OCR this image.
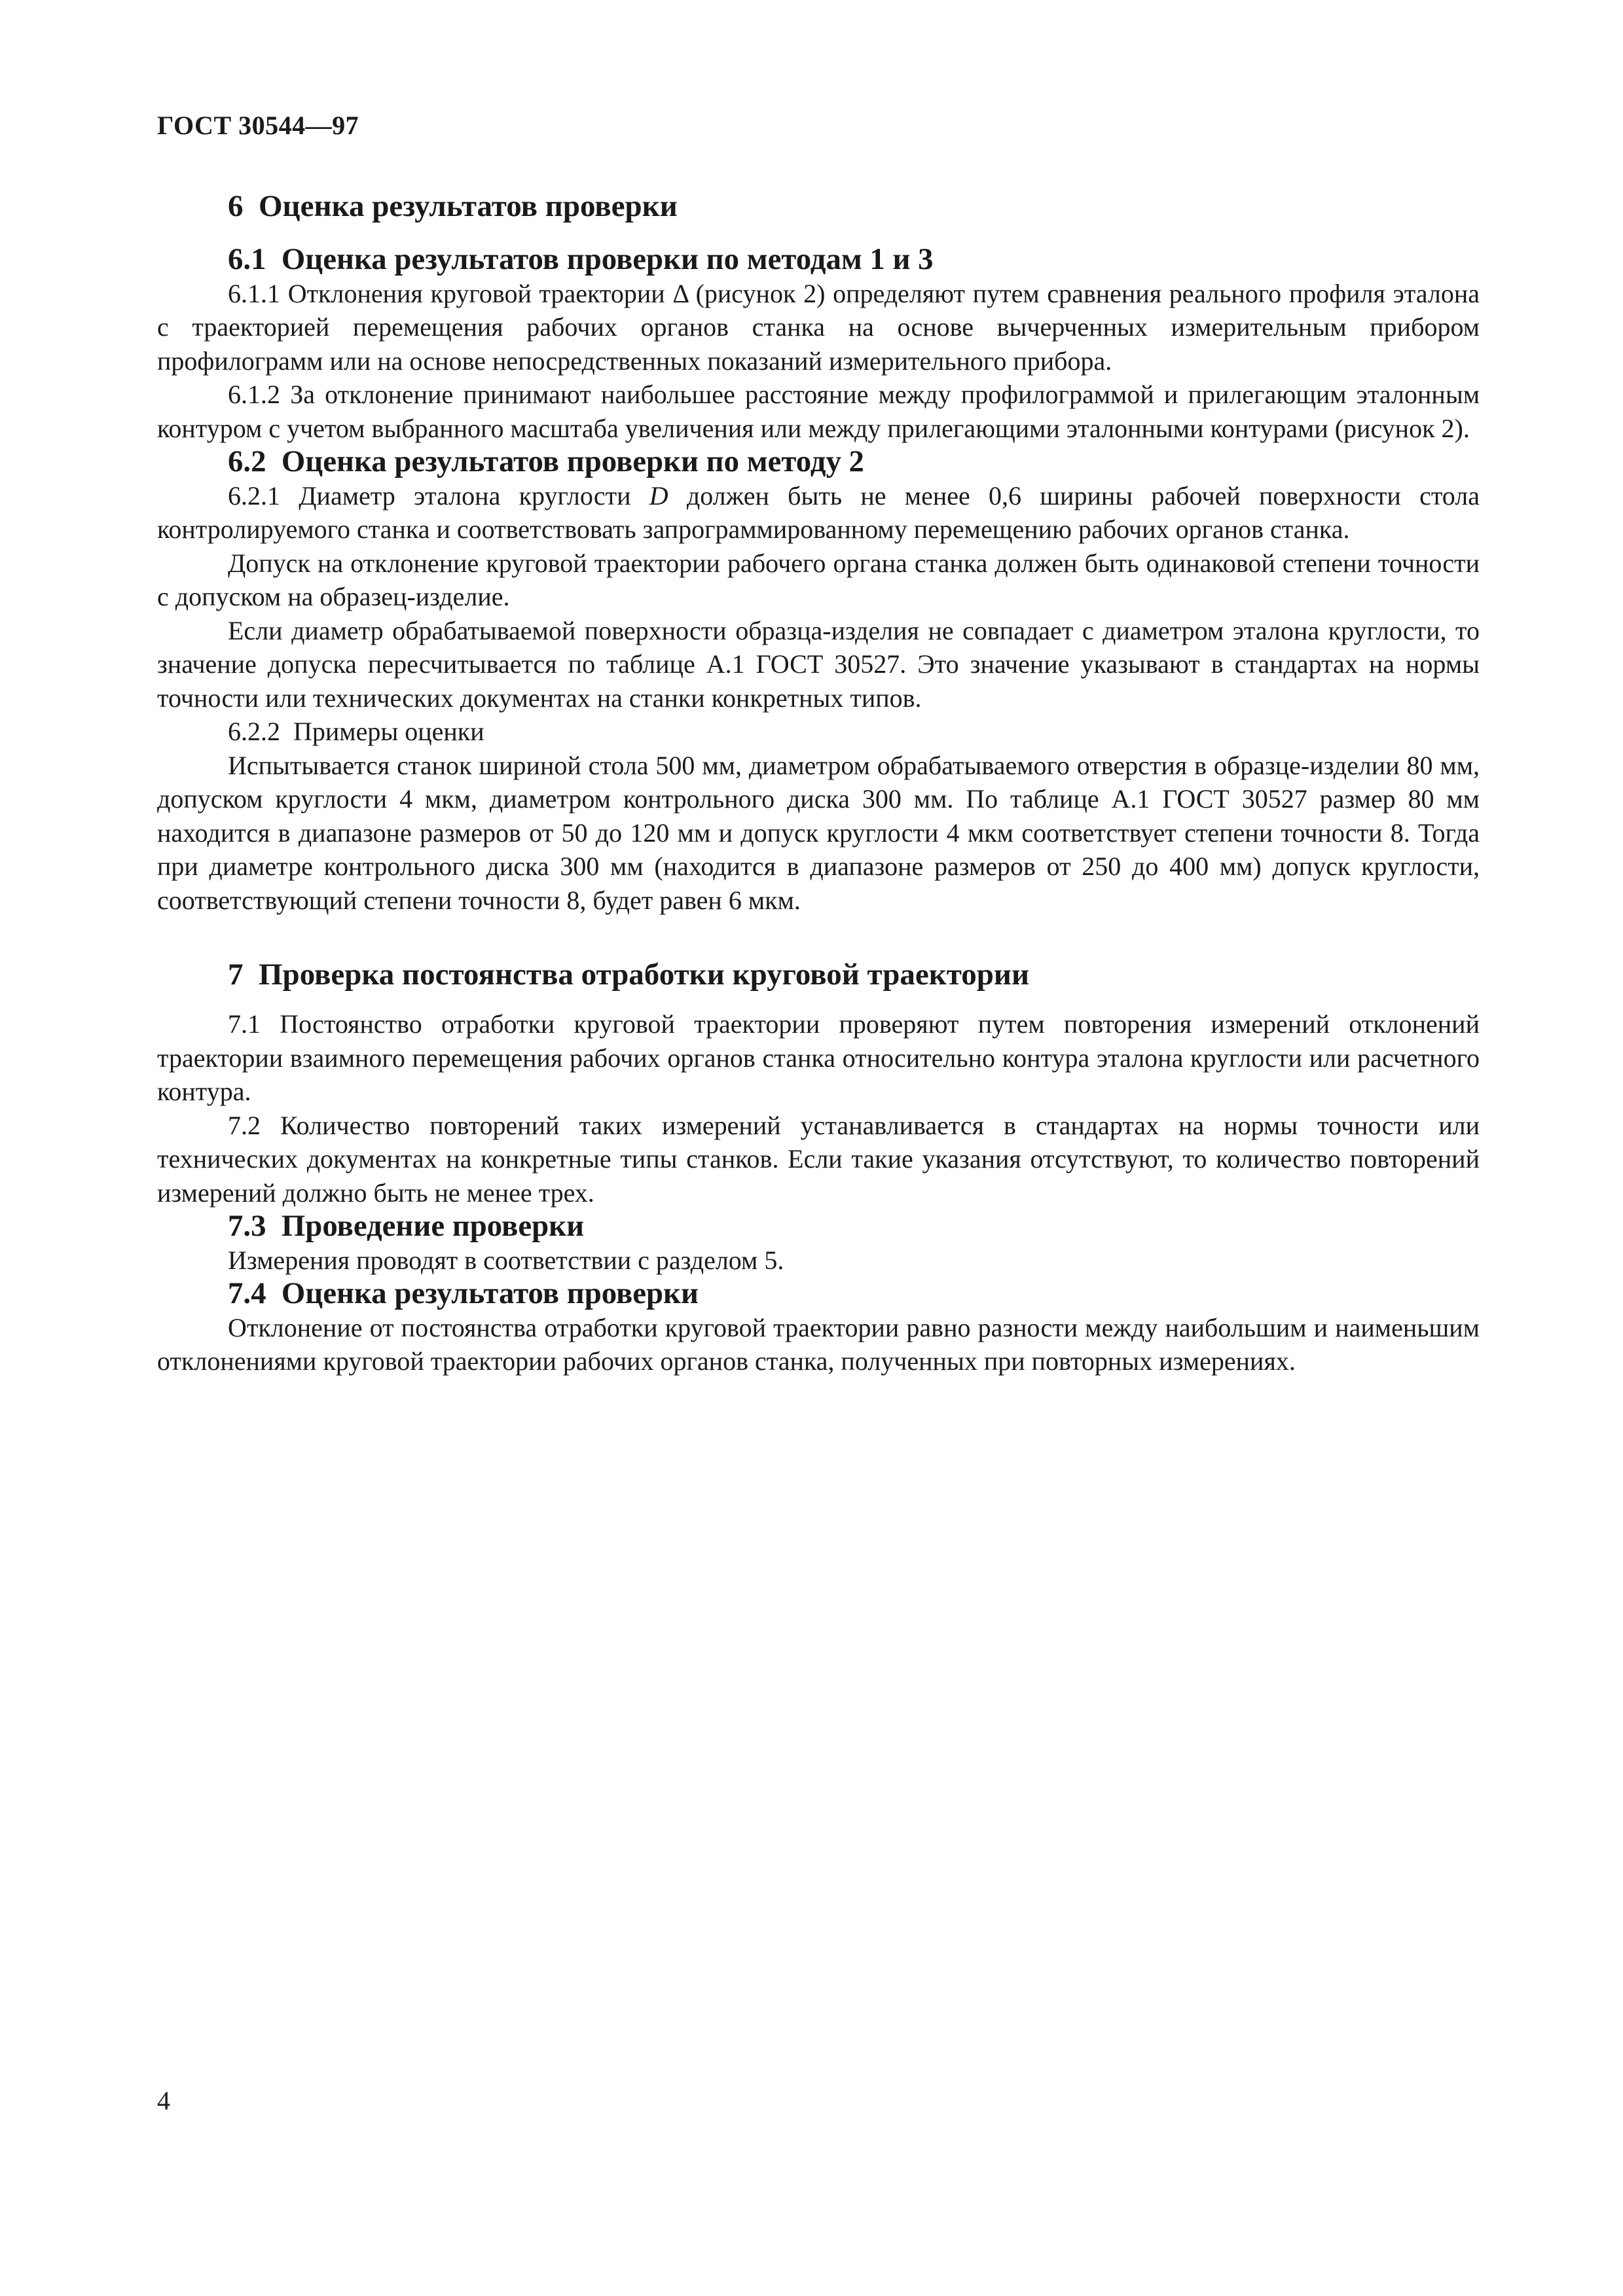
ГОСТ 30544—97
6  Оценка результатов проверки
6.1  Оценка результатов проверки по методам 1 и 3

6.1.1 Отклонения круговой траектории Δ (рисунок 2) определяют путем сравнения реального профиля эталона с траекторией перемещения рабочих органов станка на основе вычерченных измерительным прибором профилограмм или на основе непосредственных показаний измерительного прибора.

6.1.2 За отклонение принимают наибольшее расстояние между профилограммой и прилегающим эталонным контуром с учетом выбранного масштаба увеличения или между прилегающими эталонными контурами (рисунок 2).

6.2  Оценка результатов проверки по методу 2

6.2.1 Диаметр эталона круглости D должен быть не менее 0,6 ширины рабочей поверхности стола контролируемого станка и соответствовать запрограммированному перемещению рабочих органов станка.

Допуск на отклонение круговой траектории рабочего органа станка должен быть одинаковой степени точности с допуском на образец-изделие.

Если диаметр обрабатываемой поверхности образца-изделия не совпадает с диаметром эталона круглости, то значение допуска пересчитывается по таблице А.1 ГОСТ 30527. Это значение указывают в стандартах на нормы точности или технических документах на станки конкретных типов.

6.2.2  Примеры оценки

Испытывается станок шириной стола 500 мм, диаметром обрабатываемого отверстия в образце-изделии 80 мм, допуском круглости 4 мкм, диаметром контрольного диска 300 мм. По таблице А.1 ГОСТ 30527 размер 80 мм находится в диапазоне размеров от 50 до 120 мм и допуск круглости 4 мкм соответствует степени точности 8. Тогда при диаметре контрольного диска 300 мм (находится в диапазоне размеров от 250 до 400 мм) допуск круглости, соответствующий степени точности 8, будет равен 6 мкм.

7  Проверка постоянства отработки круговой траектории

7.1 Постоянство отработки круговой траектории проверяют путем повторения измерений отклонений траектории взаимного перемещения рабочих органов станка относительно контура эталона круглости или расчетного контура.

7.2 Количество повторений таких измерений устанавливается в стандартах на нормы точности или технических документах на конкретные типы станков. Если такие указания отсутствуют, то количество повторений измерений должно быть не менее трех.

7.3  Проведение проверки

Измерения проводят в соответствии с разделом 5.

7.4  Оценка результатов проверки

Отклонение от постоянства отработки круговой траектории равно разности между наибольшим и наименьшим отклонениями круговой траектории рабочих органов станка, полученных при повторных измерениях.

4
